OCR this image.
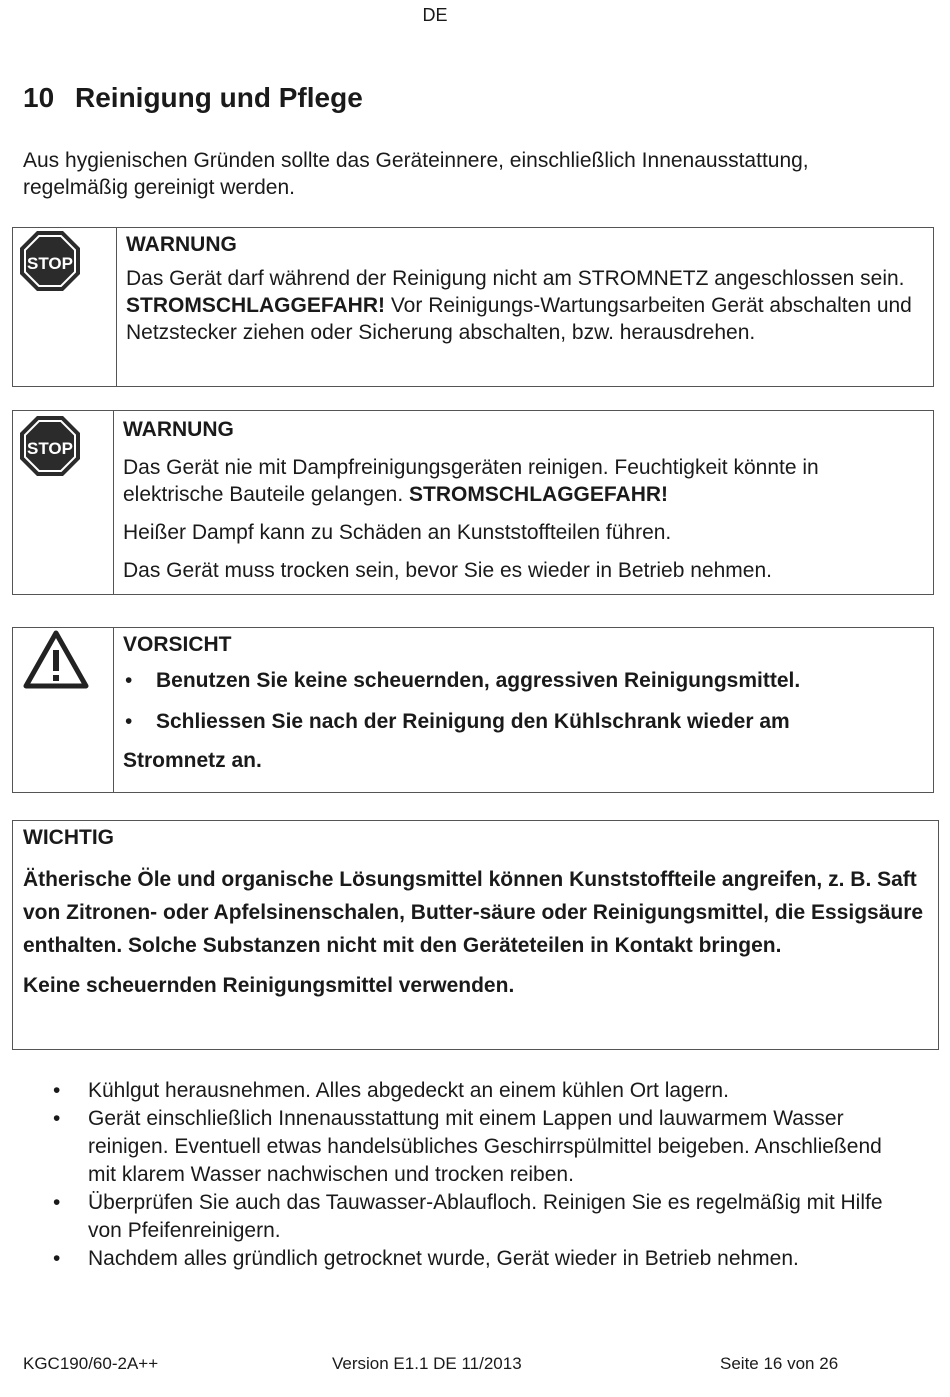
DE
10 Reinigung und Pflege
Aus hygienischen Gründen sollte das Geräteinnere, einschließlich Innenausstattung,
regelmäßig gereinigt werden.
STOP

WARNUNG

Das Gerät darf während der Reinigung nicht am STROMNETZ angeschlossen sein. STROMSCHLAGGEFAHR! Vor Reinigungs-Wartungsarbeiten Gerät abschalten und Netzstecker ziehen oder Sicherung abschalten, bzw. herausdrehen.

STOP

WARNUNG

Das Gerät nie mit Dampfreinigungsgeräten reinigen. Feuchtigkeit könnte in elektrische Bauteile gelangen. STROMSCHLAGGEFAHR!

Heißer Dampf kann zu Schäden an Kunststoffteilen führen.

Das Gerät muss trocken sein, bevor Sie es wieder in Betrieb nehmen.

VORSICHT

• Benutzen Sie keine scheuernden, aggressiven Reinigungsmittel.
• Schliessen Sie nach der Reinigung den Kühlschrank wieder am
Stromnetz an.

WICHTIG

Ätherische Öle und organische Lösungsmittel können Kunststoffteile angreifen, z. B. Saft von Zitronen- oder Apfelsinenschalen, Butter-säure oder Reinigungsmittel, die Essigsäure enthalten. Solche Substanzen nicht mit den Geräteteilen in Kontakt bringen.

Keine scheuernden Reinigungsmittel verwenden.

• Kühlgut herausnehmen. Alles abgedeckt an einem kühlen Ort lagern.
• Gerät einschließlich Innenausstattung mit einem Lappen und lauwarmem Wasser reinigen. Eventuell etwas handelsübliches Geschirrspülmittel beigeben. Anschließend mit klarem Wasser nachwischen und trocken reiben.
• Überprüfen Sie auch das Tauwasser-Ablaufloch. Reinigen Sie es regelmäßig mit Hilfe von Pfeifenreinigern.
• Nachdem alles gründlich getrocknet wurde, Gerät wieder in Betrieb nehmen.
KGC190/60-2A++	Version E1.1 DE 11/2013	Seite 16 von 26
